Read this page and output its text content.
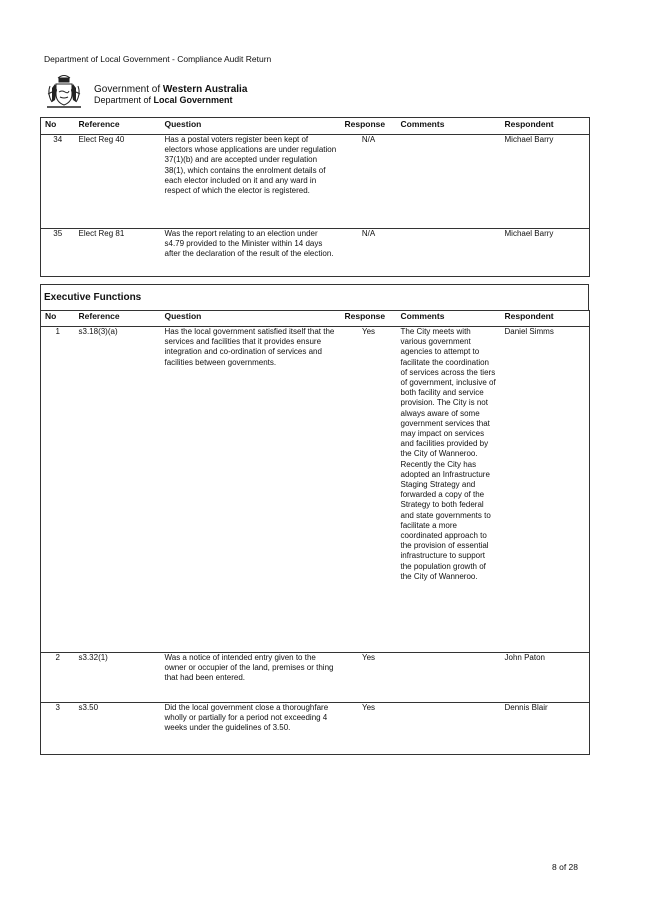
Department of Local Government - Compliance Audit Return
Government of Western Australia
Department of Local Government
No	Reference	Question	Response	Comments	Respondent
34	Elect Reg 40	Has a postal voters register been kept of electors whose applications are under regulation 37(1)(b) and are accepted under regulation 38(1), which contains the enrolment details of each elector included on it and any ward in respect of which the elector is registered.	N/A		Michael Barry
35	Elect Reg 81	Was the report relating to an election under s4.79 provided to the Minister within 14 days after the declaration of the result of the election.	N/A		Michael Barry
Executive Functions
No	Reference	Question	Response	Comments	Respondent
1	s3.18(3)(a)	Has the local government satisfied itself that the services and facilities that it provides ensure integration and co-ordination of services and facilities between governments.	Yes	The City meets with various government agencies to attempt to facilitate the coordination of services across the tiers of government, inclusive of both facility and service provision. The City is not always aware of some government services that may impact on services and facilities provided by the City of Wanneroo. Recently the City has adopted an Infrastructure Staging Strategy and forwarded a copy of the Strategy to both federal and state governments to facilitate a more coordinated approach to the provision of essential infrastructure to support the population growth of the City of Wanneroo.	Daniel Simms
2	s3.32(1)	Was a notice of intended entry given to the owner or occupier of the land, premises or thing that had been entered.	Yes		John Paton
3	s3.50	Did the local government close a thoroughfare wholly or partially for a period not exceeding 4 weeks under the guidelines of 3.50.	Yes		Dennis Blair
8 of 28
